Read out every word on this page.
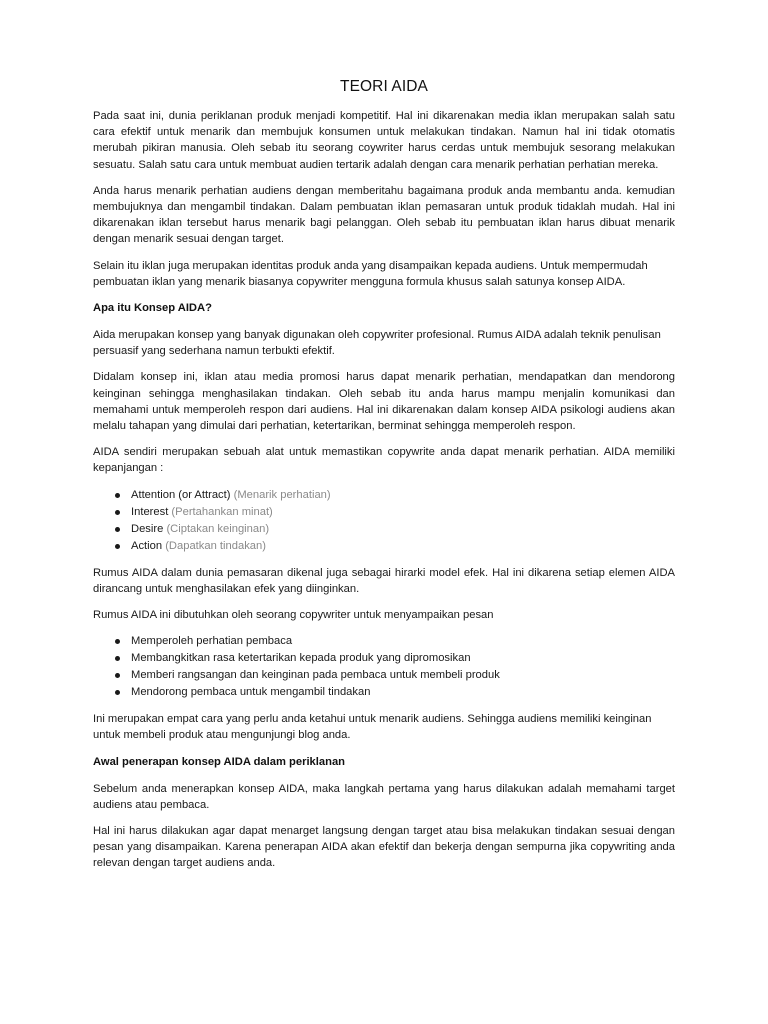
TEORI AIDA

Pada saat ini, dunia periklanan produk menjadi kompetitif. Hal ini dikarenakan media iklan merupakan salah satu cara efektif untuk menarik dan membujuk konsumen untuk melakukan tindakan. Namun hal ini tidak otomatis merubah pikiran manusia. Oleh sebab itu seorang coywriter harus cerdas untuk membujuk sesorang melakukan sesuatu. Salah satu cara untuk membuat audien tertarik adalah dengan cara menarik perhatian perhatian mereka.

Anda harus menarik perhatian audiens dengan memberitahu bagaimana produk anda membantu anda. kemudian membujuknya dan mengambil tindakan. Dalam pembuatan iklan pemasaran untuk produk tidaklah mudah. Hal ini dikarenakan iklan tersebut harus menarik bagi pelanggan. Oleh sebab itu pembuatan iklan harus dibuat menarik dengan menarik sesuai dengan target.

Selain itu iklan juga merupakan identitas produk anda yang disampaikan kepada audiens. Untuk mempermudah pembuatan iklan yang menarik biasanya copywriter mengguna formula khusus salah satunya konsep AIDA.

Apa itu Konsep AIDA?

Aida merupakan konsep yang banyak digunakan oleh copywriter profesional. Rumus AIDA adalah teknik penulisan persuasif yang sederhana namun terbukti efektif.

Didalam konsep ini, iklan atau media promosi harus dapat menarik perhatian, mendapatkan dan mendorong keinginan sehingga menghasilakan tindakan. Oleh sebab itu anda harus mampu menjalin komunikasi dan memahami untuk memperoleh respon dari audiens. Hal ini dikarenakan dalam konsep AIDA psikologi audiens akan melalu tahapan yang dimulai dari perhatian, ketertarikan, berminat sehingga memperoleh respon.

AIDA sendiri merupakan sebuah alat untuk memastikan copywrite anda dapat menarik perhatian. AIDA memiliki kepanjangan :

Attention (or Attract) (Menarik perhatian)
Interest (Pertahankan minat)
Desire (Ciptakan keinginan)
Action (Dapatkan tindakan)

Rumus AIDA dalam dunia pemasaran dikenal juga sebagai hirarki model efek. Hal ini dikarena setiap elemen AIDA dirancang untuk menghasilakan efek yang diinginkan.

Rumus AIDA ini dibutuhkan oleh seorang copywriter untuk menyampaikan pesan

Memperoleh perhatian pembaca
Membangkitkan rasa ketertarikan kepada produk yang dipromosikan
Memberi rangsangan dan keinginan pada pembaca untuk membeli produk
Mendorong pembaca untuk mengambil tindakan

Ini merupakan empat cara yang perlu anda ketahui untuk menarik audiens. Sehingga audiens memiliki keinginan untuk membeli produk atau mengunjungi blog anda.

Awal penerapan konsep AIDA dalam periklanan

Sebelum anda menerapkan konsep AIDA, maka langkah pertama yang harus dilakukan adalah memahami target audiens atau pembaca.

Hal ini harus dilakukan agar dapat menarget langsung dengan target atau bisa melakukan tindakan sesuai dengan pesan yang disampaikan. Karena penerapan AIDA akan efektif dan bekerja dengan sempurna jika copywriting anda relevan dengan target audiens anda.
